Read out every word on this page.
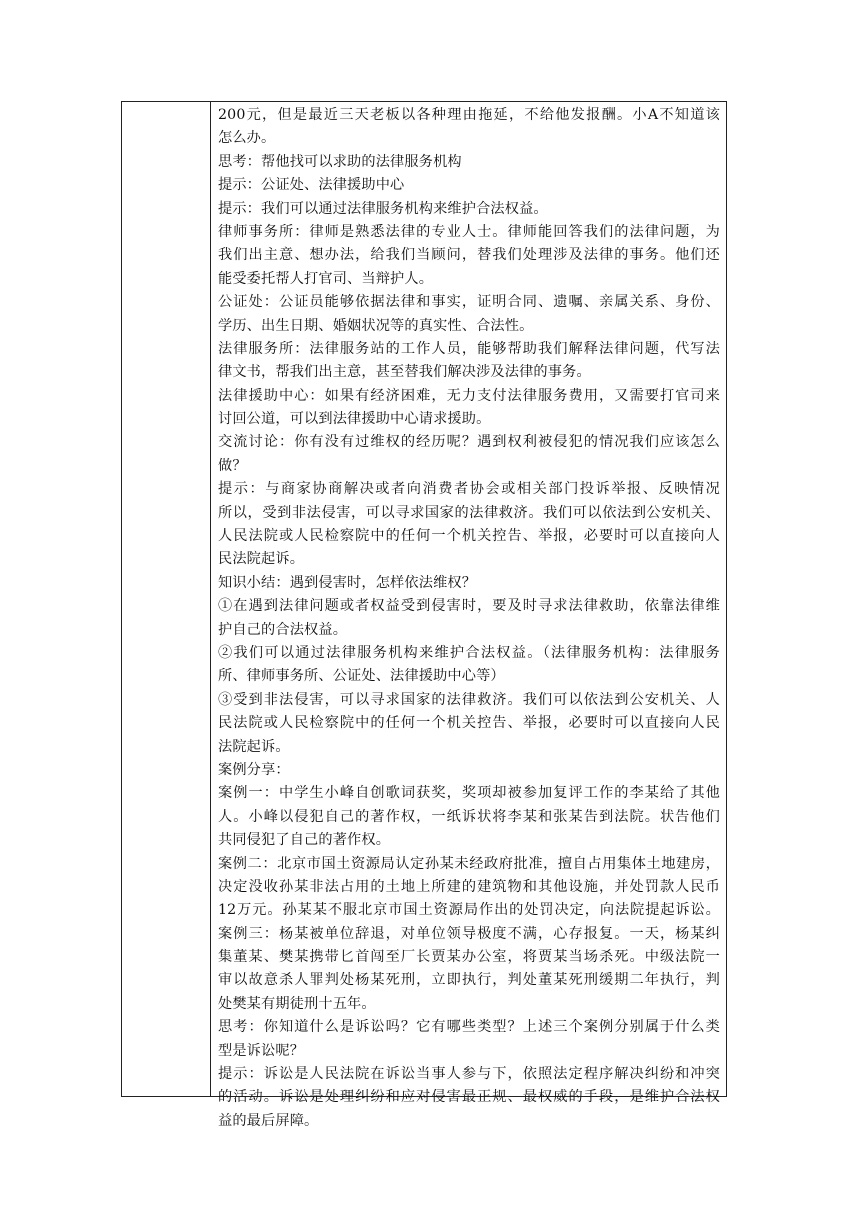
200元，但是最近三天老板以各种理由拖延，不给他发报酬。小A不知道该
怎么办。
思考：帮他找可以求助的法律服务机构
提示：公证处、法律援助中心
提示：我们可以通过法律服务机构来维护合法权益。
律师事务所：律师是熟悉法律的专业人士。律师能回答我们的法律问题，为
我们出主意、想办法，给我们当顾问，替我们处理涉及法律的事务。他们还
能受委托帮人打官司、当辩护人。
公证处：公证员能够依据法律和事实，证明合同、遗嘱、亲属关系、身份、
学历、出生日期、婚姻状况等的真实性、合法性。
法律服务所：法律服务站的工作人员，能够帮助我们解释法律问题，代写法
律文书，帮我们出主意，甚至替我们解决涉及法律的事务。
法律援助中心：如果有经济困难，无力支付法律服务费用，又需要打官司来
讨回公道，可以到法律援助中心请求援助。
交流讨论：你有没有过维权的经历呢？遇到权利被侵犯的情况我们应该怎么
做？
提示：与商家协商解决或者向消费者协会或相关部门投诉举报、反映情况
所以，受到非法侵害，可以寻求国家的法律救济。我们可以依法到公安机关、
人民法院或人民检察院中的任何一个机关控告、举报，必要时可以直接向人
民法院起诉。
知识小结：遇到侵害时，怎样依法维权？
①在遇到法律问题或者权益受到侵害时，要及时寻求法律救助，依靠法律维
护自己的合法权益。
②我们可以通过法律服务机构来维护合法权益。（法律服务机构：法律服务
所、律师事务所、公证处、法律援助中心等）
③受到非法侵害，可以寻求国家的法律救济。我们可以依法到公安机关、人
民法院或人民检察院中的任何一个机关控告、举报，必要时可以直接向人民
法院起诉。
案例分享：
案例一：中学生小峰自创歌词获奖，奖项却被参加复评工作的李某给了其他
人。小峰以侵犯自己的著作权，一纸诉状将李某和张某告到法院。状告他们
共同侵犯了自己的著作权。
案例二：北京市国土资源局认定孙某未经政府批准，擅自占用集体土地建房，
决定没收孙某非法占用的土地上所建的建筑物和其他设施，并处罚款人民币
12万元。孙某某不服北京市国土资源局作出的处罚决定，向法院提起诉讼。
案例三：杨某被单位辞退，对单位领导极度不满，心存报复。一天，杨某纠
集董某、樊某携带匕首闯至厂长贾某办公室，将贾某当场杀死。中级法院一
审以故意杀人罪判处杨某死刑，立即执行，判处董某死刑缓期二年执行，判
处樊某有期徒刑十五年。
思考：你知道什么是诉讼吗？它有哪些类型？上述三个案例分别属于什么类
型是诉讼呢？
提示：诉讼是人民法院在诉讼当事人参与下，依照法定程序解决纠纷和冲突
的活动。诉讼是处理纠纷和应对侵害最正规、最权威的手段，是维护合法权
益的最后屏障。
